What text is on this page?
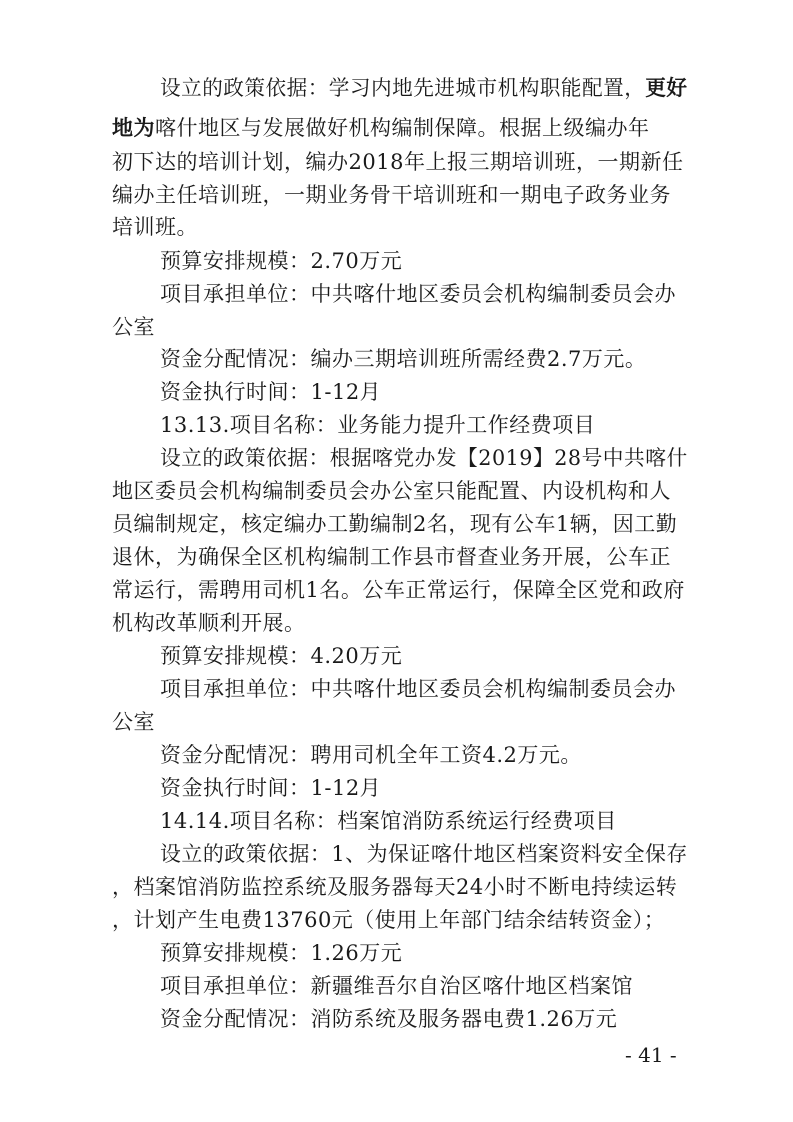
设立的政策依据：学习内地先进城市机构职能配置，更好
地为喀什地区与发展做好机构编制保障。根据上级编办年
初下达的培训计划，编办2018年上报三期培训班，一期新任
编办主任培训班，一期业务骨干培训班和一期电子政务业务
培训班。
预算安排规模：2.70万元
项目承担单位：中共喀什地区委员会机构编制委员会办
公室
资金分配情况：编办三期培训班所需经费2.7万元。
资金执行时间：1-12月
13.13.项目名称：业务能力提升工作经费项目
设立的政策依据：根据喀党办发【2019】28号中共喀什
地区委员会机构编制委员会办公室只能配置、内设机构和人
员编制规定，核定编办工勤编制2名，现有公车1辆，因工勤
退休，为确保全区机构编制工作县市督查业务开展，公车正
常运行，需聘用司机1名。公车正常运行，保障全区党和政府
机构改革顺利开展。
预算安排规模：4.20万元
项目承担单位：中共喀什地区委员会机构编制委员会办
公室
资金分配情况：聘用司机全年工资4.2万元。
资金执行时间：1-12月
14.14.项目名称：档案馆消防系统运行经费项目
设立的政策依据：1、为保证喀什地区档案资料安全保存
，档案馆消防监控系统及服务器每天24小时不断电持续运转
，计划产生电费13760元（使用上年部门结余结转资金）；
预算安排规模：1.26万元
项目承担单位：新疆维吾尔自治区喀什地区档案馆
资金分配情况：消防系统及服务器电费1.26万元
- 41 -
